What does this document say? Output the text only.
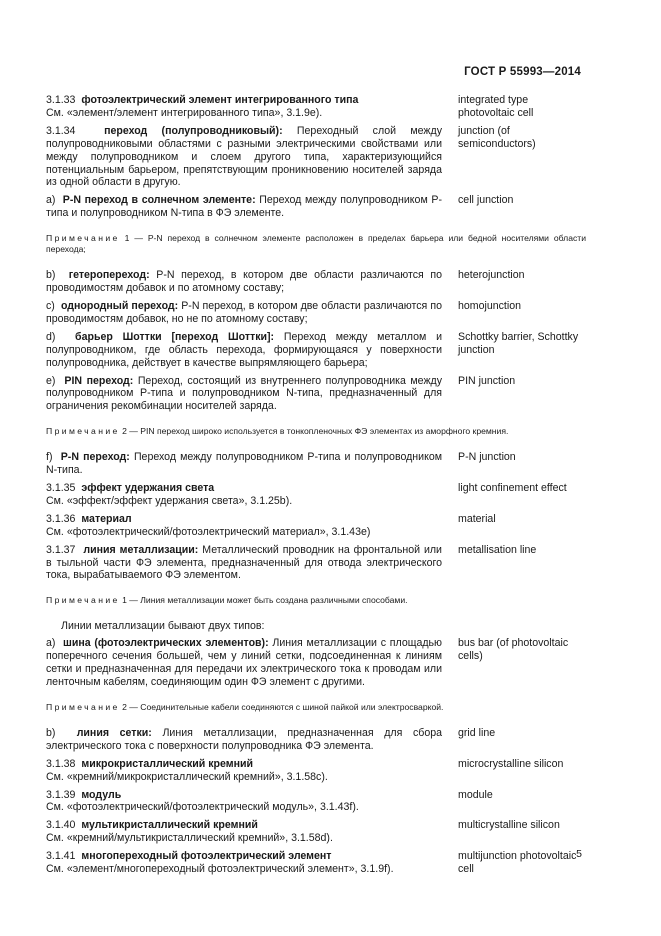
ГОСТ Р 55993—2014
3.1.33 фотоэлектрический элемент интегрированного типа
См. «элемент/элемент интегрированного типа», 3.1.9е).
integrated type photovoltaic cell
3.1.34	переход (полупроводниковый): Переходный слой между полупроводниковыми областями с разными электрическими свойствами или между полупроводником и слоем другого типа, характеризующийся потенциальным барьером, препятствующим проникновению носителей заряда из одной области в другую.
junction (of semiconductors)
а) P-N переход в солнечном элементе: Переход между полупроводником Р-типа и полупроводником N-типа в ФЭ элементе.
cell junction
Примечание 1 — P-N переход в солнечном элементе расположен в пределах барьера или бедной носителями области перехода;
b) гетеропереход: P-N переход, в котором две области различаются по проводимостям добавок и по атомному составу;
heterojunction
с) однородный переход: P-N переход, в котором две области различаются по проводимостям добавок, но не по атомному составу;
homojunction
d) барьер Шоттки [переход Шоттки]: Переход между металлом и полупроводником, где область перехода, формирующаяся у поверхности полупроводника, действует в качестве выпрямляющего барьера;
Schottky barrier, Schottky junction
е) PIN переход: Переход, состоящий из внутреннего полупроводника между полупроводником Р-типа и полупроводником N-типа, предназначенный для ограничения рекомбинации носителей заряда.
PIN junction
Примечание 2 — PIN переход широко используется в тонкопленочных ФЭ элементах из аморфного кремния.
f) P-N переход: Переход между полупроводником Р-типа и полупроводником N-типа.
P-N junction
3.1.35 эффект удержания света
См. «эффект/эффект удержания света», 3.1.25b).
light confinement effect
3.1.36 материал
См. «фотоэлектрический/фотоэлектрический материал», 3.1.43е)
material
3.1.37 линия металлизации: Металлический проводник на фронтальной или в тыльной части ФЭ элемента, предназначенный для отвода электрического тока, вырабатываемого ФЭ элементом.
metallisation line
Примечание 1 — Линия металлизации может быть создана различными способами.
Линии металлизации бывают двух типов:
а) шина (фотоэлектрических элементов): Линия металлизации с площадью поперечного сечения большей, чем у линий сетки, подсоединенная к линиям сетки и предназначенная для передачи их электрического тока к проводам или ленточным кабелям, соединяющим один ФЭ элемент с другими.
bus bar (of photovoltaic cells)
Примечание 2 — Соединительные кабели соединяются с шиной пайкой или электросваркой.
b) линия сетки: Линия металлизации, предназначенная для сбора электрического тока с поверхности полупроводника ФЭ элемента.
grid line
3.1.38 микрокристаллический кремний
См. «кремний/микрокристаллический кремний», 3.1.58с).
microcrystalline silicon
3.1.39 модуль
См. «фотоэлектрический/фотоэлектрический модуль», 3.1.43f).
module
3.1.40 мультикристаллический кремний
См. «кремний/мультикристаллический кремний», 3.1.58d).
multicrystalline silicon
3.1.41 многопереходный фотоэлектрический элемент
См. «элемент/многопереходный фотоэлектрический элемент», 3.1.9f).
multijunction photovoltaic cell
5
